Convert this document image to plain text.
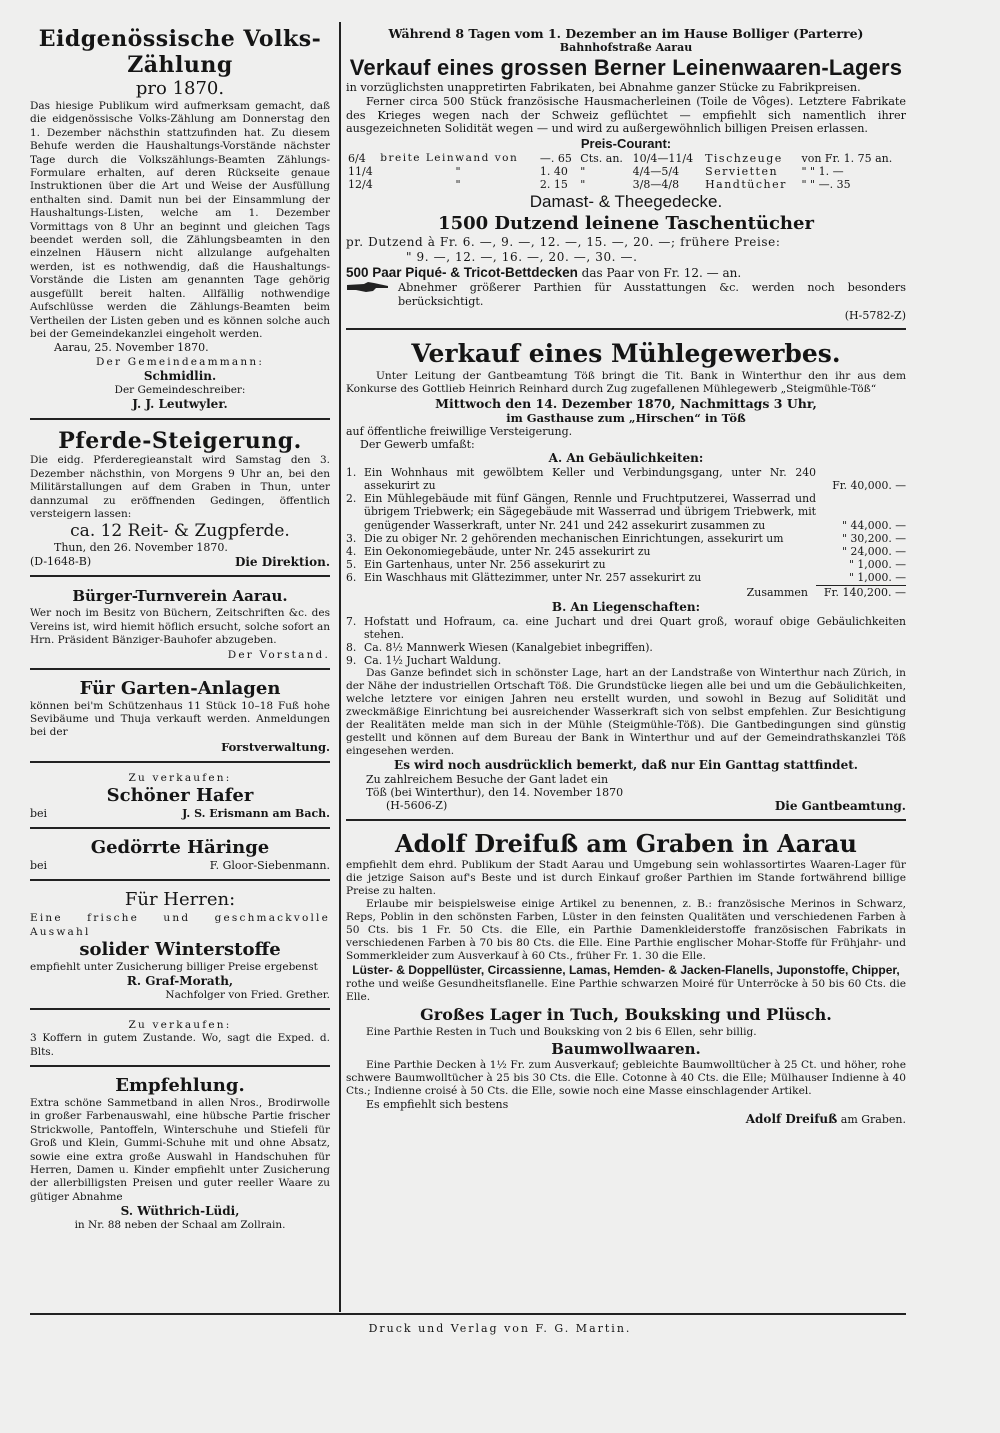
Eidgenössische Volks-Zählung

pro 1870.

Das hiesige Publikum wird aufmerksam gemacht, daß die eidgenössische Volks-Zählung am Donnerstag den 1. Dezember nächsthin stattzufinden hat. Zu diesem Behufe werden die Haushaltungs-Vorstände nächster Tage durch die Volkszählungs-Beamten Zählungs-Formulare erhalten, auf deren Rückseite genaue Instruktionen über die Art und Weise der Ausfüllung enthalten sind. Damit nun bei der Einsammlung der Haushaltungs-Listen, welche am 1. Dezember Vormittags von 8 Uhr an beginnt und gleichen Tags beendet werden soll, die Zählungsbeamten in den einzelnen Häusern nicht allzulange aufgehalten werden, ist es nothwendig, daß die Haushaltungs-Vorstände die Listen am genannten Tage gehörig ausgefüllt bereit halten. Allfällig nothwendige Aufschlüsse werden die Zählungs-Beamten beim Vertheilen der Listen geben und es können solche auch bei der Gemeindekanzlei eingeholt werden.

Aarau, 25. November 1870.

Der Gemeindeammann:

Schmidlin.

Der Gemeindeschreiber:

J. J. Leutwyler.

Pferde-Steigerung.

Die eidg. Pferderegieanstalt wird Samstag den 3. Dezember nächsthin, von Morgens 9 Uhr an, bei den Militärstallungen auf dem Graben in Thun, unter dannzumal zu eröffnenden Gedingen, öffentlich versteigern lassen:

ca. 12 Reit- & Zugpferde.

Thun, den 26. November 1870.

(D-1648-B)	Die Direktion.

Bürger-Turnverein Aarau.

Wer noch im Besitz von Büchern, Zeitschriften &c. des Vereins ist, wird hiemit höflich ersucht, solche sofort an Hrn. Präsident Bänziger-Bauhofer abzugeben.

Der Vorstand.

Für Garten-Anlagen

können bei'm Schützenhaus 11 Stück 10–18 Fuß hohe Sevibäume und Thuja verkauft werden. Anmeldungen bei der

Forstverwaltung.

Zu verkaufen:

Schöner Hafer

bei	J. S. Erismann am Bach.

Gedörrte Häringe

bei	F. Gloor-Siebenmann.

Für Herren:

Eine frische und geschmackvolle Auswahl

solider Winterstoffe

empfiehlt unter Zusicherung billiger Preise ergebenst

R. Graf-Morath,

Nachfolger von Fried. Grether.

Zu verkaufen:

3 Koffern in gutem Zustande. Wo, sagt die Exped. d. Blts.

Empfehlung.

Extra schöne Sammetband in allen Nros., Brodirwolle in großer Farbenauswahl, eine hübsche Partie frischer Strickwolle, Pantoffeln, Winterschuhe und Stiefeli für Groß und Klein, Gummi-Schuhe mit und ohne Absatz, sowie eine extra große Auswahl in Handschuhen für Herren, Damen u. Kinder empfiehlt unter Zusicherung der allerbilligsten Preisen und guter reeller Waare zu gütiger Abnahme

S. Wüthrich-Lüdi,

in Nr. 88 neben der Schaal am Zollrain.

Während 8 Tagen vom 1. Dezember an im Hause Bolliger (Parterre)

Bahnhofstraße Aarau

Verkauf eines grossen Berner Leinenwaaren-Lagers

in vorzüglichsten unappretirten Fabrikaten, bei Abnahme ganzer Stücke zu Fabrikpreisen.

Ferner circa 500 Stück französische Hausmacherleinen (Toile de Vôges). Letztere Fabrikate des Krieges wegen nach der Schweiz geflüchtet — empfiehlt sich namentlich ihrer ausgezeichneten Solidität wegen — und wird zu außergewöhnlich billigen Preisen erlassen.

Preis-Courant:

6/4	breite Leinwand von	—. 65	Cts. an.	10/4—11/4	Tischzeuge	von Fr. 1. 75 an.
11/4	"	1. 40	"	4/4—5/4	Servietten	" " 1. —
12/4	"	2. 15	"	3/8—4/8	Handtücher	" " —. 35

Damast- & Theegedecke.

1500 Dutzend leinene Taschentücher

pr. Dutzend à Fr. 6. —, 9. —, 12. —, 15. —, 20. —; frühere Preise:

" 9. —, 12. —, 16. —, 20. —, 30. —.

500 Paar Piqué- & Tricot-Bettdecken das Paar von Fr. 12. — an.

Abnehmer größerer Parthien für Ausstattungen &c. werden noch besonders berücksichtigt.

(H-5782-Z)

Verkauf eines Mühlegewerbes.

Unter Leitung der Gantbeamtung Töß bringt die Tit. Bank in Winterthur den ihr aus dem Konkurse des Gottlieb Heinrich Reinhard durch Zug zugefallenen Mühlegewerb „Steigmühle-Töß“

Mittwoch den 14. Dezember 1870, Nachmittags 3 Uhr,

im Gasthause zum „Hirschen“ in Töß

auf öffentliche freiwillige Versteigerung.

Der Gewerb umfaßt:

A. An Gebäulichkeiten:

1. Ein Wohnhaus mit gewölbtem Keller und Verbindungsgang, unter Nr. 240 assekurirt zu	Fr. 40,000. —
2. Ein Mühlegebäude mit fünf Gängen, Rennle und Fruchtputzerei, Wasserrad und übrigem Triebwerk; ein Sägegebäude mit Wasserrad und übrigem Triebwerk, mit genügender Wasserkraft, unter Nr. 241 und 242 assekurirt zusammen zu	" 44,000. —
3. Die zu obiger Nr. 2 gehörenden mechanischen Einrichtungen, assekurirt um	" 30,200. —
4. Ein Oekonomiegebäude, unter Nr. 245 assekurirt zu	" 24,000. —
5. Ein Gartenhaus, unter Nr. 256 assekurirt zu	" 1,000. —
6. Ein Waschhaus mit Glättezimmer, unter Nr. 257 assekurirt zu	" 1,000. —
Zusammen	Fr. 140,200. —

B. An Liegenschaften:

7. Hofstatt und Hofraum, ca. eine Juchart und drei Quart groß, worauf obige Gebäulichkeiten stehen.
8. Ca. 8½ Mannwerk Wiesen (Kanalgebiet inbegriffen).
9. Ca. 1½ Juchart Waldung.

Das Ganze befindet sich in schönster Lage, hart an der Landstraße von Winterthur nach Zürich, in der Nähe der industriellen Ortschaft Töß. Die Grundstücke liegen alle bei und um die Gebäulichkeiten, welche letztere vor einigen Jahren neu erstellt wurden, und sowohl in Bezug auf Solidität und zweckmäßige Einrichtung bei ausreichender Wasserkraft sich von selbst empfehlen. Zur Besichtigung der Realitäten melde man sich in der Mühle (Steigmühle-Töß). Die Gantbedingungen sind günstig gestellt und können auf dem Bureau der Bank in Winterthur und auf der Gemeindrathskanzlei Töß eingesehen werden.

Es wird noch ausdrücklich bemerkt, daß nur Ein Ganttag stattfindet.

Zu zahlreichem Besuche der Gant ladet ein

Töß (bei Winterthur), den 14. November 1870

(H-5606-Z)	Die Gantbeamtung.

Adolf Dreifuß am Graben in Aarau

empfiehlt dem ehrd. Publikum der Stadt Aarau und Umgebung sein wohlassortirtes Waaren-Lager für die jetzige Saison auf's Beste und ist durch Einkauf großer Parthien im Stande fortwährend billige Preise zu halten.

Erlaube mir beispielsweise einige Artikel zu benennen, z. B.: französische Merinos in Schwarz, Reps, Poblin in den schönsten Farben, Lüster in den feinsten Qualitäten und verschiedenen Farben à 50 Cts. bis 1 Fr. 50 Cts. die Elle, ein Parthie Damenkleiderstoffe französischen Fabrikats in verschiedenen Farben à 70 bis 80 Cts. die Elle. Eine Parthie englischer Mohar-Stoffe für Frühjahr- und Sommerkleider zum Ausverkauf à 60 Cts., früher Fr. 1. 30 die Elle.

Lüster- & Doppellüster, Circassienne, Lamas, Hemden- & Jacken-Flanells, Juponstoffe, Chipper,

rothe und weiße Gesundheitsflanelle. Eine Parthie schwarzen Moiré für Unterröcke à 50 bis 60 Cts. die Elle.

Großes Lager in Tuch, Bouksking und Plüsch.

Eine Parthie Resten in Tuch und Bouksking von 2 bis 6 Ellen, sehr billig.

Baumwollwaaren.

Eine Parthie Decken à 1½ Fr. zum Ausverkauf; gebleichte Baumwolltücher à 25 Ct. und höher, rohe schwere Baumwolltücher à 25 bis 30 Cts. die Elle. Cotonne à 40 Cts. die Elle; Mülhauser Indienne à 40 Cts.; Indienne croisé à 50 Cts. die Elle, sowie noch eine Masse einschlagender Artikel.

Es empfiehlt sich bestens

Adolf Dreifuß am Graben.

Druck und Verlag von F. G. Martin.
